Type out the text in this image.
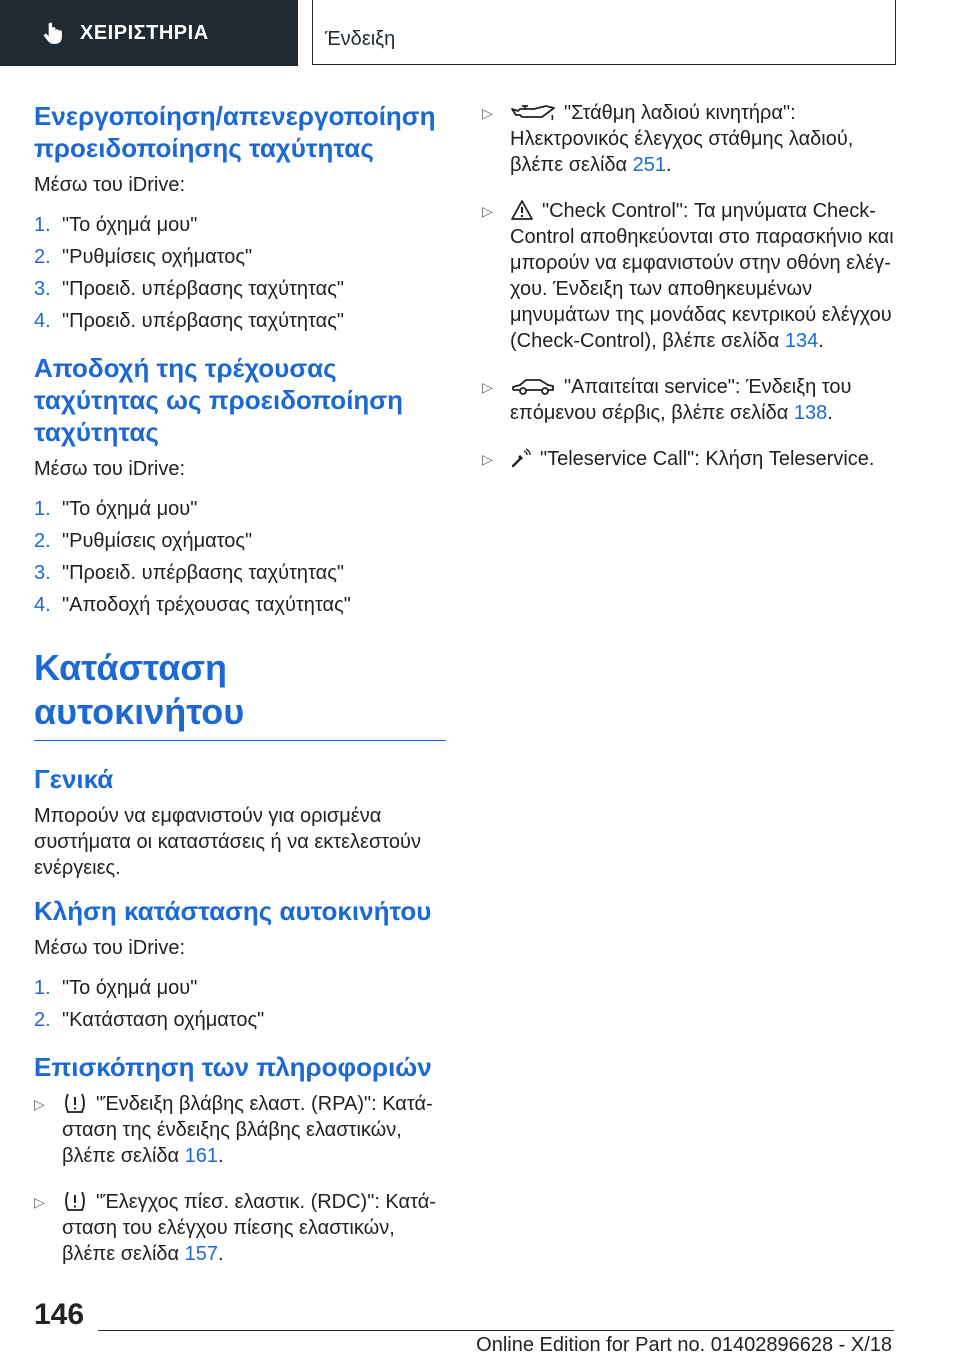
ΧΕΙΡΙΣΤΗΡΙΑ	Ένδειξη
Ενεργοποίηση/απενεργοποίηση προειδοποίησης ταχύτητας

Μέσω του iDrive:

1. "Το όχημά μου"
2. "Ρυθμίσεις οχήματος"
3. "Προειδ. υπέρβασης ταχύτητας"
4. "Προειδ. υπέρβασης ταχύτητας"
Αποδοχή της τρέχουσας ταχύτητας ως προειδοποίηση ταχύτητας

Μέσω του iDrive:

1. "Το όχημά μου"
2. "Ρυθμίσεις οχήματος"
3. "Προειδ. υπέρβασης ταχύτητας"
4. "Αποδοχή τρέχουσας ταχύτητας"
Κατάσταση αυτοκινήτου
Γενικά

Μπορούν να εμφανιστούν για ορισμένα συστήματα οι καταστάσεις ή να εκτελεστούν ενέργειες.

Κλήση κατάστασης αυτοκινήτου

Μέσω του iDrive:

1. "Το όχημά μου"
2. "Κατάσταση οχήματος"
Επισκόπηση των πληροφοριών
▷	"Ένδειξη βλάβης ελαστ. (RPA)": Κατάσταση της ένδειξης βλάβης ελαστικών, βλέπε σελίδα 161.
▷	"Έλεγχος πίεσ. ελαστικ. (RDC)": Κατάσταση του ελέγχου πίεσης ελαστικών, βλέπε σελίδα 157.
▷	"Στάθμη λαδιού κινητήρα": Ηλεκτρονικός έλεγχος στάθμης λαδιού, βλέπε σελίδα 251.
▷	"Check Control": Τα μηνύματα Check-Control αποθηκεύονται στο παρασκήνιο και μπορούν να εμφανιστούν στην οθόνη ελέγχου. Ένδειξη των αποθηκευμένων μηνυμάτων της μονάδας κεντρικού ελέγχου (Check-Control), βλέπε σελίδα 134.
▷	"Απαιτείται service": Ένδειξη του επόμενου σέρβις, βλέπε σελίδα 138.
▷	"Teleservice Call": Κλήση Teleservice.
146
Online Edition for Part no. 01402896628 - X/18
